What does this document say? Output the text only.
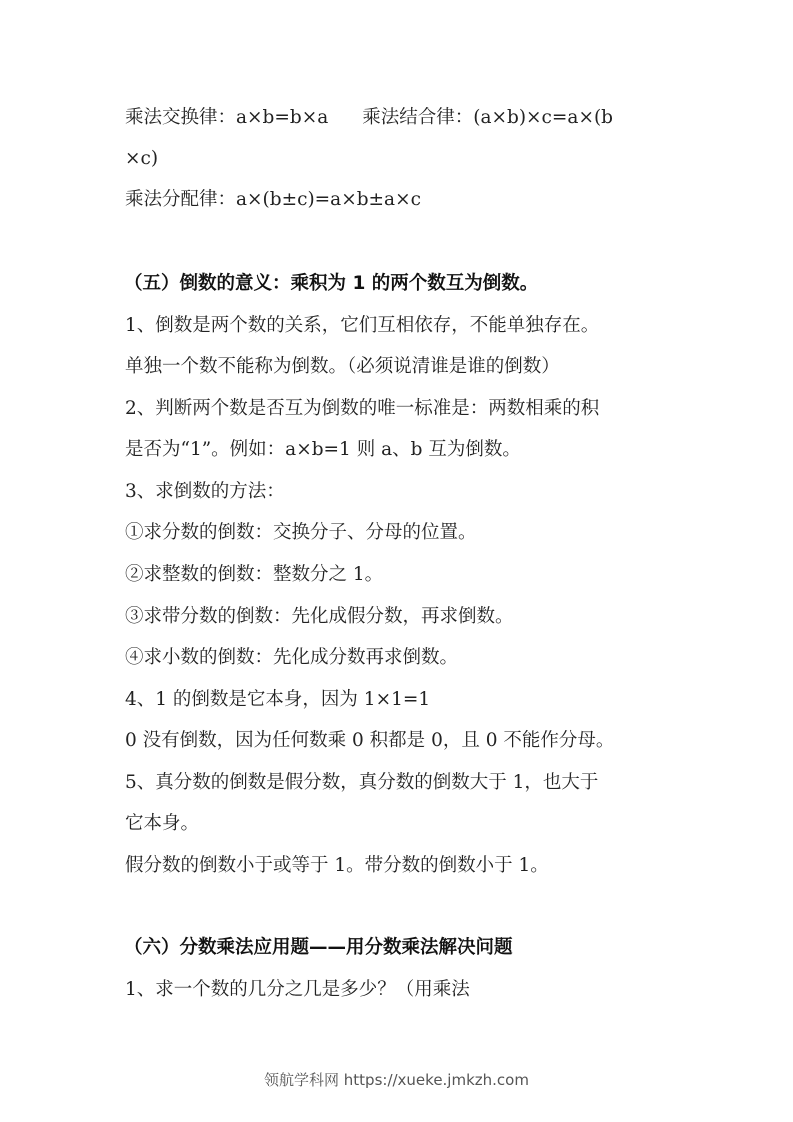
乘法交换律：a×b=b×a 乘法结合律：(a×b)×c=a×(b
×c)
乘法分配律：a×(b±c)=a×b±a×c
（五）倒数的意义：乘积为 1 的两个数互为倒数。
1、倒数是两个数的关系，它们互相依存，不能单独存在。
单独一个数不能称为倒数。（必须说清谁是谁的倒数）
2、判断两个数是否互为倒数的唯一标准是：两数相乘的积
是否为“1”。例如：a×b=1 则 a、b 互为倒数。
3、求倒数的方法：
①求分数的倒数：交换分子、分母的位置。
②求整数的倒数：整数分之 1。
③求带分数的倒数：先化成假分数，再求倒数。
④求小数的倒数：先化成分数再求倒数。
4、1 的倒数是它本身，因为 1×1=1
0 没有倒数，因为任何数乘 0 积都是 0，且 0 不能作分母。
5、真分数的倒数是假分数，真分数的倒数大于 1，也大于
它本身。
假分数的倒数小于或等于 1。带分数的倒数小于 1。
（六）分数乘法应用题——用分数乘法解决问题
1、求一个数的几分之几是多少？（用乘法
领航学科网 https://xueke.jmkzh.com
